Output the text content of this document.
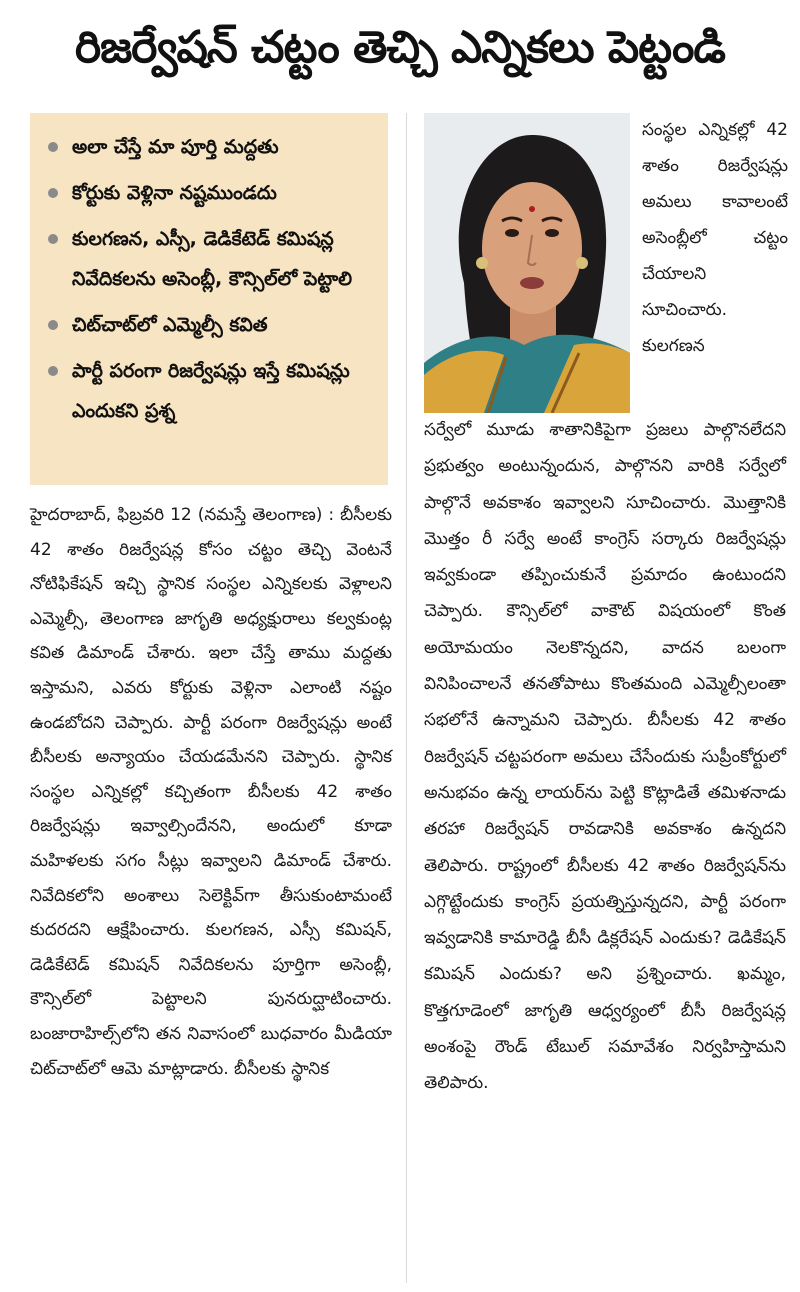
రిజర్వేషన్ చట్టం తెచ్చి ఎన్నికలు పెట్టండి
అలా చేస్తే మా పూర్తి మద్దతు
కోర్టుకు వెళ్లినా నష్టముండదు
కులగణన, ఎస్సీ, డెడికేటెడ్ కమిషన్ల నివేదికలను అసెంబ్లీ, కౌన్సిల్‌లో పెట్టాలి
చిట్‌చాట్‌లో ఎమ్మెల్సీ కవిత
పార్టీ పరంగా రిజర్వేషన్లు ఇస్తే కమిషన్లు ఎందుకని ప్రశ్న

సంస్థల ఎన్నికల్లో 42 శాతం రిజర్వేషన్లు అమలు కావాలంటే అసెంబ్లీలో చట్టం చేయాలని సూచించారు. కులగణన

సర్వేలో మూడు శాతానికిపైగా ప్రజలు పాల్గొనలేదని ప్రభుత్వం అంటున్నందున, పాల్గొనని వారికి సర్వేలో పాల్గొనే అవకాశం ఇవ్వాలని సూచించారు. మొత్తానికి మొత్తం రీ సర్వే అంటే కాంగ్రెస్ సర్కారు రిజర్వేషన్లు ఇవ్వకుండా తప్పించుకునే ప్రమాదం ఉంటుందని చెప్పారు. కౌన్సిల్‌లో వాకౌట్ విషయంలో కొంత అయోమయం నెలకొన్నదని, వాదన బలంగా వినిపించాలనే తనతోపాటు కొంతమంది ఎమ్మెల్సీలంతా సభలోనే ఉన్నామని చెప్పారు. బీసీలకు 42 శాతం రిజర్వేషన్ చట్టపరంగా అమలు చేసేందుకు సుప్రీంకోర్టులో అనుభవం ఉన్న లాయర్‌ను పెట్టి కొట్లాడితే తమిళనాడు తరహా రిజర్వేషన్ రావడానికి అవకాశం ఉన్నదని తెలిపారు. రాష్ట్రంలో బీసీలకు 42 శాతం రిజర్వేషన్‌ను ఎగ్గొట్టేందుకు కాంగ్రెస్ ప్రయత్నిస్తున్నదని, పార్టీ పరంగా ఇవ్వడానికి కామారెడ్డి బీసీ డిక్లరేషన్ ఎందుకు? డెడికేషన్ కమిషన్ ఎందుకు? అని ప్రశ్నించారు. ఖమ్మం, కొత్తగూడెంలో జాగృతి ఆధ్వర్యంలో బీసీ రిజర్వేషన్ల అంశంపై రౌండ్ టేబుల్ సమావేశం నిర్వహిస్తామని తెలిపారు.

హైదరాబాద్, ఫిబ్రవరి 12 (నమస్తే తెలంగాణ) : బీసీలకు 42 శాతం రిజర్వేషన్ల కోసం చట్టం తెచ్చి వెంటనే నోటిఫికేషన్ ఇచ్చి స్థానిక సంస్థల ఎన్నికలకు వెళ్లాలని ఎమ్మెల్సీ, తెలంగాణ జాగృతి అధ్యక్షురాలు కల్వకుంట్ల కవిత డిమాండ్ చేశారు. ఇలా చేస్తే తాము మద్దతు ఇస్తామని, ఎవరు కోర్టుకు వెళ్లినా ఎలాంటి నష్టం ఉండబోదని చెప్పారు. పార్టీ పరంగా రిజర్వేషన్లు అంటే బీసీలకు అన్యాయం చేయడమేనని చెప్పారు. స్థానిక సంస్థల ఎన్నికల్లో కచ్చితంగా బీసీలకు 42 శాతం రిజర్వేషన్లు ఇవ్వాల్సిందేనని, అందులో కూడా మహిళలకు సగం సీట్లు ఇవ్వాలని డిమాండ్ చేశారు. నివేదికలోని అంశాలు సెలెక్టివ్‌గా తీసుకుంటామంటే కుదరదని ఆక్షేపించారు. కులగణన, ఎస్సీ కమిషన్, డెడికేటెడ్ కమిషన్ నివేదికలను పూర్తిగా అసెంబ్లీ, కౌన్సిల్‌లో పెట్టాలని పునరుద్ఘాటించారు. బంజారాహిల్స్‌లోని తన నివాసంలో బుధవారం మీడియా చిట్‌చాట్‌లో ఆమె మాట్లాడారు. బీసీలకు స్థానిక
